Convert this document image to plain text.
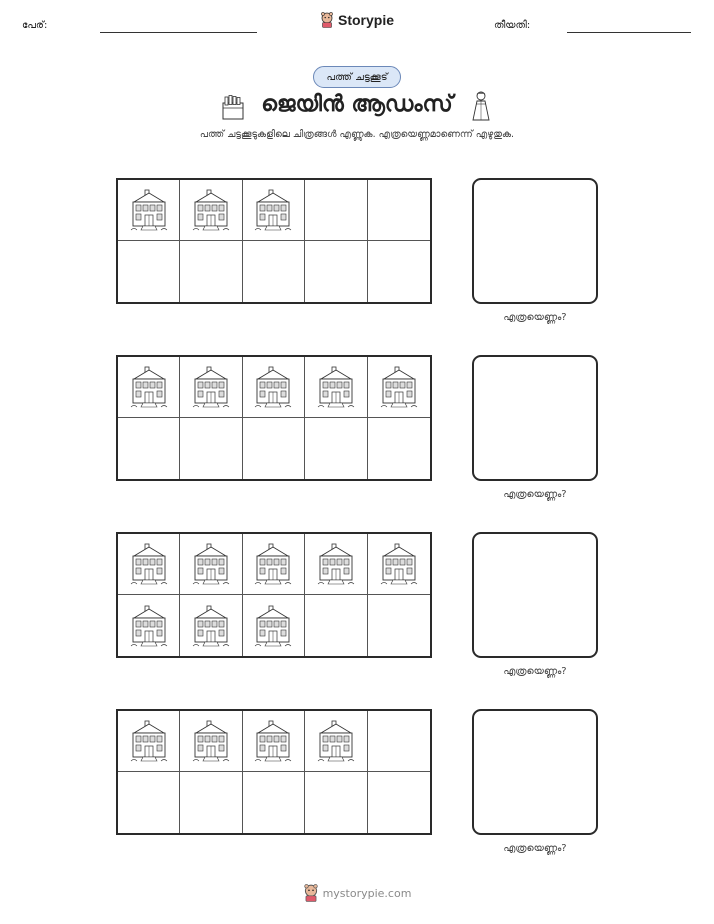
പേര്:	Storypie	തീയതി:
പത്ത് ചട്ടക്കൂട്
ജെയിൻ ആഡംസ്
പത്ത് ചട്ടക്കൂടുകളിലെ ചിത്രങ്ങൾ എണ്ണുക. എത്രയെണ്ണമാണെന്ന് എഴുതുക.
എത്രയെണ്ണം?
എത്രയെണ്ണം?
എത്രയെണ്ണം?
എത്രയെണ്ണം?
mystorypie.com
